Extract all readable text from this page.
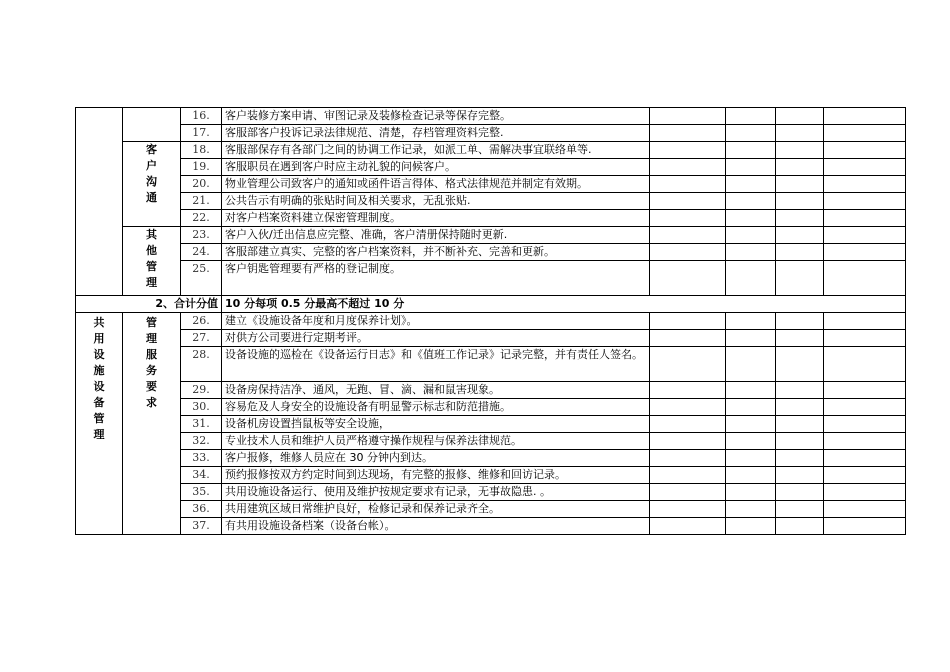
		16.	客户装修方案申请、审图记录及装修检查记录等保存完整。				
		17.	客服部客户投诉记录法律规范、清楚，存档管理资料完整.				
	客户沟通	18.	客服部保存有各部门之间的协调工作记录，如派工单、需解决事宜联络单等.				
		19.	客服职员在遇到客户时应主动礼貌的问候客户。				
		20.	物业管理公司致客户的通知或函件语言得体、格式法律规范并制定有效期。				
		21.	公共告示有明确的张贴时间及相关要求，无乱张贴.				
		22.	对客户档案资料建立保密管理制度。				
	其他管理	23.	客户入伙/迁出信息应完整、准确，客户清册保持随时更新.				
		24.	客服部建立真实、完整的客户档案资料，并不断补充、完善和更新。				
		25.	客户钥匙管理要有严格的登记制度。				
2、合计分值			10 分每项 0.5 分最高不超过 10 分				
共用设施设备管理	管理服务要求	26.	建立《设施设备年度和月度保养计划》。				
		27.	对供方公司要进行定期考评。				
		28.	设备设施的巡检在《设备运行日志》和《值班工作记录》记录完整，并有责任人签名。				
		29.	设备房保持洁净、通风，无跑、冒、滴、漏和鼠害现象。				
		30.	容易危及人身安全的设施设备有明显警示标志和防范措施。				
		31.	设备机房设置挡鼠板等安全设施，				
		32.	专业技术人员和维护人员严格遵守操作规程与保养法律规范。				
		33.	客户报修，维修人员应在 30 分钟内到达。				
		34.	预约报修按双方约定时间到达现场，有完整的报修、维修和回访记录。				
		35.	共用设施设备运行、使用及维护按规定要求有记录，无事故隐患. 。				
		36.	共用建筑区域日常维护良好，检修记录和保养记录齐全。				
		37.	有共用设施设备档案（设备台帐）。				
